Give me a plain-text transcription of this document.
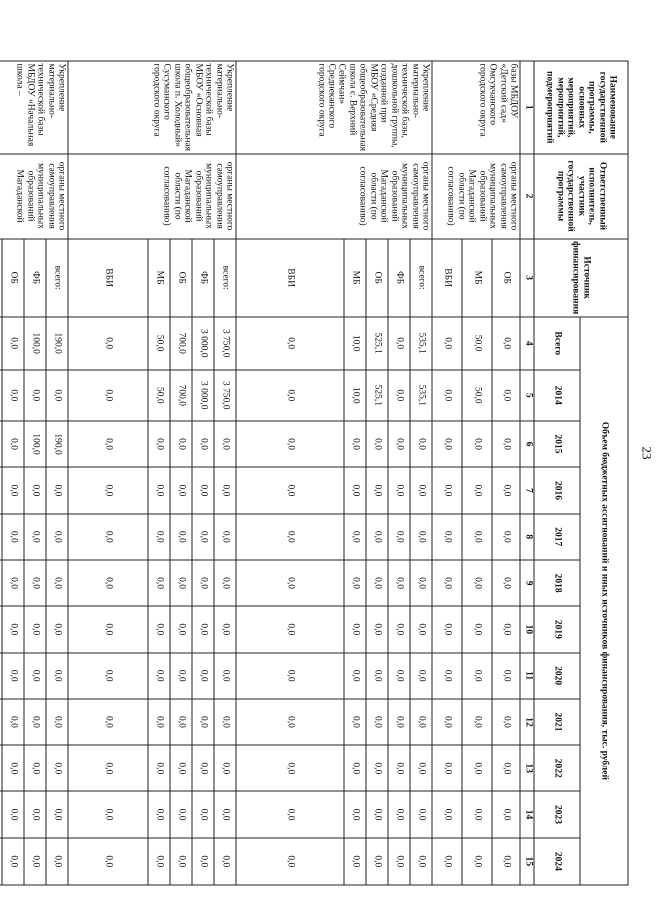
23
Наименование государственной программы, основных мероприятий, мероприятий, подмероприятий	Ответственный исполнитель, участник государственной программы	Источник финансирования	Объем бюджетных ассигнований и иных источников финансирования, тыс. рублей											
			Всего	2014	2015	2016	2017	2018	2019	2020	2021	2022	2023	2024
1	2	3	4	5	6	7	8	9	10	11	12	13	14	15
базы МБДОУ «Детский сад» Омсукчанского городского округа	органы местного самоуправления муниципальных образований Магаданской области (по согласованию)	ОБ	0,0	0,0	0,0	0,0	0,0	0,0	0,0	0,0	0,0	0,0	0,0	0,0
		МБ	50,0	50,0	0,0	0,0	0,0	0,0	0,0	0,0	0,0	0,0	0,0	0,0
		ВБИ	0,0	0,0	0,0	0,0	0,0	0,0	0,0	0,0	0,0	0,0	0,0	0,0
Укрепление материально-технической базы, дошкольной группы, созданной при МБОУ «Средняя общеобразовательная школа с. Верхний Сеймчан» Среднеканского городского округа	органы местного самоуправления муниципальных образований Магаданской области (по согласованию)	всего:	535,1	535,1	0,0	0,0	0,0	0,0	0,0	0,0	0,0	0,0	0,0	0,0
		ФБ	0,0	0,0	0,0	0,0	0,0	0,0	0,0	0,0	0,0	0,0	0,0	0,0
		ОБ	525,1	525,1	0,0	0,0	0,0	0,0	0,0	0,0	0,0	0,0	0,0	0,0
		МБ	10,0	10,0	0,0	0,0	0,0	0,0	0,0	0,0	0,0	0,0	0,0	0,0
		ВБИ	0,0	0,0	0,0	0,0	0,0	0,0	0,0	0,0	0,0	0,0	0,0	0,0
Укрепление материально-технической базы МБОУ «Основная общеобразовательная школа п. Холодный» Сусуманского городского округа	органы местного самоуправления муниципальных образований Магаданской области (по согласованию)	всего:	3 750,0	3 750,0	0,0	0,0	0,0	0,0	0,0	0,0	0,0	0,0	0,0	0,0
		ФБ	3 000,0	3 000,0	0,0	0,0	0,0	0,0	0,0	0,0	0,0	0,0	0,0	0,0
		ОБ	700,0	700,0	0,0	0,0	0,0	0,0	0,0	0,0	0,0	0,0	0,0	0,0
		МБ	50,0	50,0	0,0	0,0	0,0	0,0	0,0	0,0	0,0	0,0	0,0	0,0
		ВБИ	0,0	0,0	0,0	0,0	0,0	0,0	0,0	0,0	0,0	0,0	0,0	0,0
Укрепление материально-технической базы МБДОУ «Начальная школа –	органы местного самоуправления муниципальных образований Магаданской	всего:	190,0	0,0	190,0	0,0	0,0	0,0	0,0	0,0	0,0	0,0	0,0	0,0
		ФБ	100,0	0,0	100,0	0,0	0,0	0,0	0,0	0,0	0,0	0,0	0,0	0,0
		ОБ	0,0	0,0	0,0	0,0	0,0	0,0	0,0	0,0	0,0	0,0	0,0	0,0
